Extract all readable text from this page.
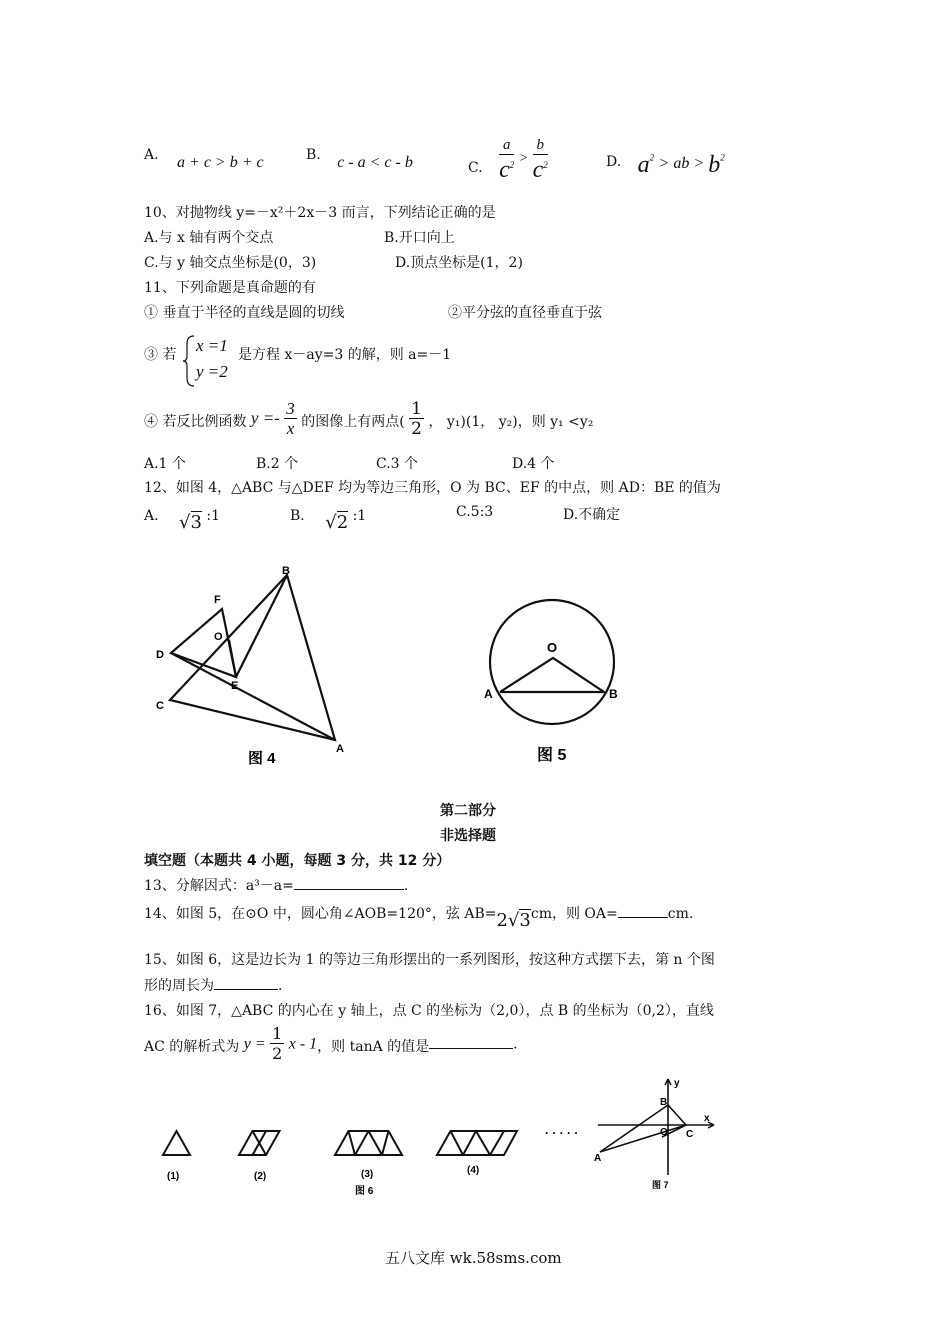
A. a + c > b + c	B. c - a < c - b	C. $\frac{a}{c^2} > \frac{b}{c^2}$	D. $a^2$ > ab > $b^2$
10、对抛物线 y=－x²＋2x－3 而言，下列结论正确的是
A.与 x 轴有两个交点	B.开口向上
C.与 y 轴交点坐标是(0，3)	D.顶点坐标是(1，2)
11、下列命题是真命题的有
① 垂直于半径的直线是圆的切线	②平分弦的直径垂直于弦
③ 若 x =1
y =2
是方程 x－ay=3 的解，则 a=－1
④ 若反比例函数 $y =- \frac{3}{x}$ 的图像上有两点( $\frac{1}{2}$ ， y₁)(1， y₂)，则 y₁ <y₂
A.1 个	B.2 个	C.3 个	D.4 个
12、如图 4，△ABC 与△DEF 均为等边三角形，O 为 BC、EF 的中点，则 AD：BE 的值为
A. √3 :1	B. √2 :1	C.5:3	D.不确定
B
F
O
D
E
C
A
图 4
O
A	B
图 5
第二部分
非选择题
填空题（本题共 4 小题，每题 3 分，共 12 分）
13、分解因式：a³－a=	.
14、如图 5，在⊙O 中，圆心角∠AOB=120°，弦 AB=2√3cm，则 OA=	cm.
15、如图 6，这是边长为 1 的等边三角形摆出的一系列图形，按这种方式摆下去，第 n 个图
形的周长为	.
16、如图 7，△ABC 的内心在 y 轴上，点 C 的坐标为（2,0），点 B 的坐标为（0,2），直线
AC 的解析式为 $y = \frac{1}{2}$ x - 1，则 tanA 的值是	.
(1)	(2)	(3)	(4)
· · · · ·
图 6
y
x
B
O C
A
图 7
五八文库 wk.58sms.com
